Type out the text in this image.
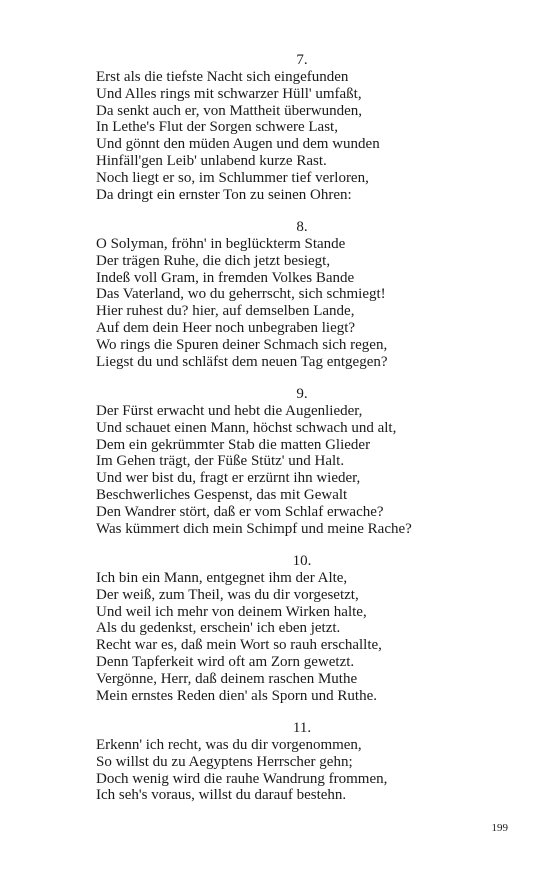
7.
Erst als die tiefste Nacht sich eingefunden
Und Alles rings mit schwarzer Hüll' umfaßt,
Da senkt auch er, von Mattheit überwunden,
In Lethe's Flut der Sorgen schwere Last,
Und gönnt den müden Augen und dem wunden
Hinfäll'gen Leib' unlabend kurze Rast.
Noch liegt er so, im Schlummer tief verloren,
Da dringt ein ernster Ton zu seinen Ohren:
8.
O Solyman, fröhn' in beglückterm Stande
Der trägen Ruhe, die dich jetzt besiegt,
Indeß voll Gram, in fremden Volkes Bande
Das Vaterland, wo du geherrscht, sich schmiegt!
Hier ruhest du? hier, auf demselben Lande,
Auf dem dein Heer noch unbegraben liegt?
Wo rings die Spuren deiner Schmach sich regen,
Liegst du und schläfst dem neuen Tag entgegen?
9.
Der Fürst erwacht und hebt die Augenlieder,
Und schauet einen Mann, höchst schwach und alt,
Dem ein gekrümmter Stab die matten Glieder
Im Gehen trägt, der Füße Stütz' und Halt.
Und wer bist du, fragt er erzürnt ihn wieder,
Beschwerliches Gespenst, das mit Gewalt
Den Wandrer stört, daß er vom Schlaf erwache?
Was kümmert dich mein Schimpf und meine Rache?
10.
Ich bin ein Mann, entgegnet ihm der Alte,
Der weiß, zum Theil, was du dir vorgesetzt,
Und weil ich mehr von deinem Wirken halte,
Als du gedenkst, erschein' ich eben jetzt.
Recht war es, daß mein Wort so rauh erschallte,
Denn Tapferkeit wird oft am Zorn gewetzt.
Vergönne, Herr, daß deinem raschen Muthe
Mein ernstes Reden dien' als Sporn und Ruthe.
11.
Erkenn' ich recht, was du dir vorgenommen,
So willst du zu Aegyptens Herrscher gehn;
Doch wenig wird die rauhe Wandrung frommen,
Ich seh's voraus, willst du darauf bestehn.
199
